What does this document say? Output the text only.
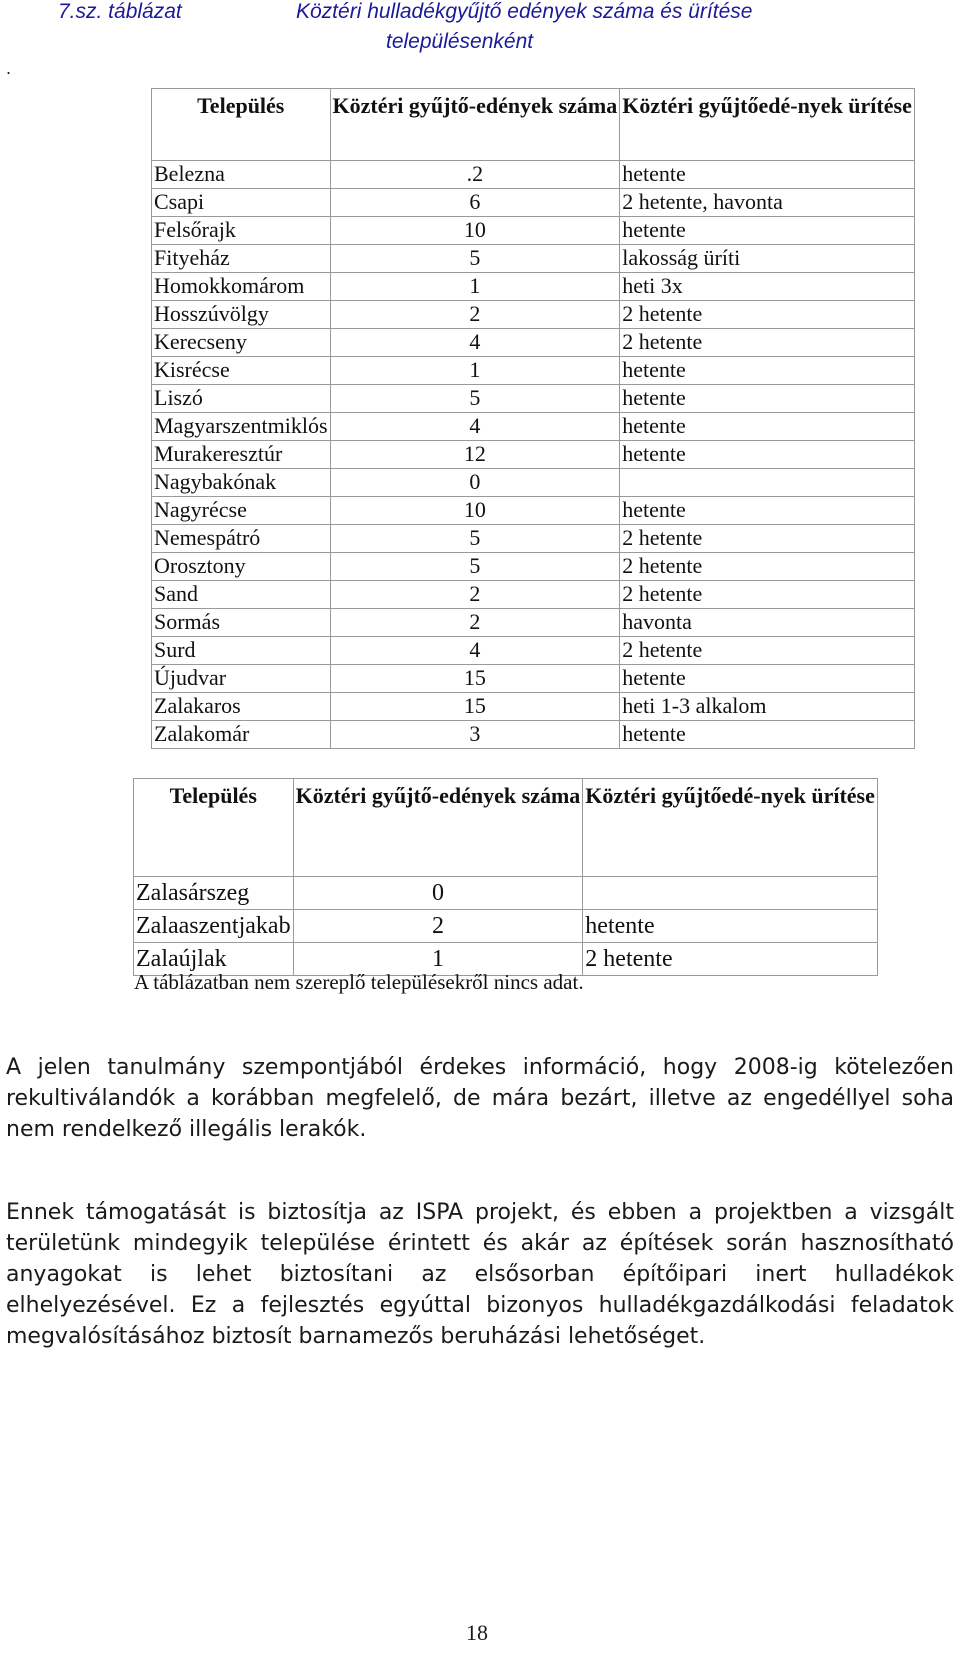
7.sz. táblázat	Köztéri hulladékgyűjtő edények száma és ürítése
településenként
.
Település	Köztéri gyűjtő-edények száma	Köztéri gyűjtőedé-nyek ürítése
Belezna	.2	hetente
Csapi	6	2 hetente, havonta
Felsőrajk	10	hetente
Fityeház	5	lakosság üríti
Homokkomárom	1	heti 3x
Hosszúvölgy	2	2 hetente
Kerecseny	4	2 hetente
Kisrécse	1	hetente
Liszó	5	hetente
Magyarszentmiklós	4	hetente
Murakeresztúr	12	hetente
Nagybakónak	0	
Nagyrécse	10	hetente
Nemespátró	5	2 hetente
Orosztony	5	2 hetente
Sand	2	2 hetente
Sormás	2	havonta
Surd	4	2 hetente
Újudvar	15	hetente
Zalakaros	15	heti 1-3 alkalom
Zalakomár	3	hetente
Település	Köztéri gyűjtő-edények száma	Köztéri gyűjtőedé-nyek ürítése
Zalasárszeg	0	
Zalaaszentjakab	2	hetente
Zalaújlak	1	2 hetente
A táblázatban nem szereplő településekről nincs adat.

A jelen tanulmány szempontjából érdekes információ, hogy 2008-ig kötelezően rekultiválandók a korábban megfelelő, de mára bezárt, illetve az engedéllyel soha nem rendelkező illegális lerakók.

Ennek támogatását is biztosítja az ISPA projekt, és ebben a projektben a vizsgált területünk mindegyik települése érintett és akár az építések során hasznosítható anyagokat is lehet biztosítani az elsősorban építőipari inert hulladékok elhelyezésével. Ez a fejlesztés egyúttal bizonyos hulladékgazdálkodási feladatok megvalósításához biztosít barnamezős beruházási lehetőséget.

18
